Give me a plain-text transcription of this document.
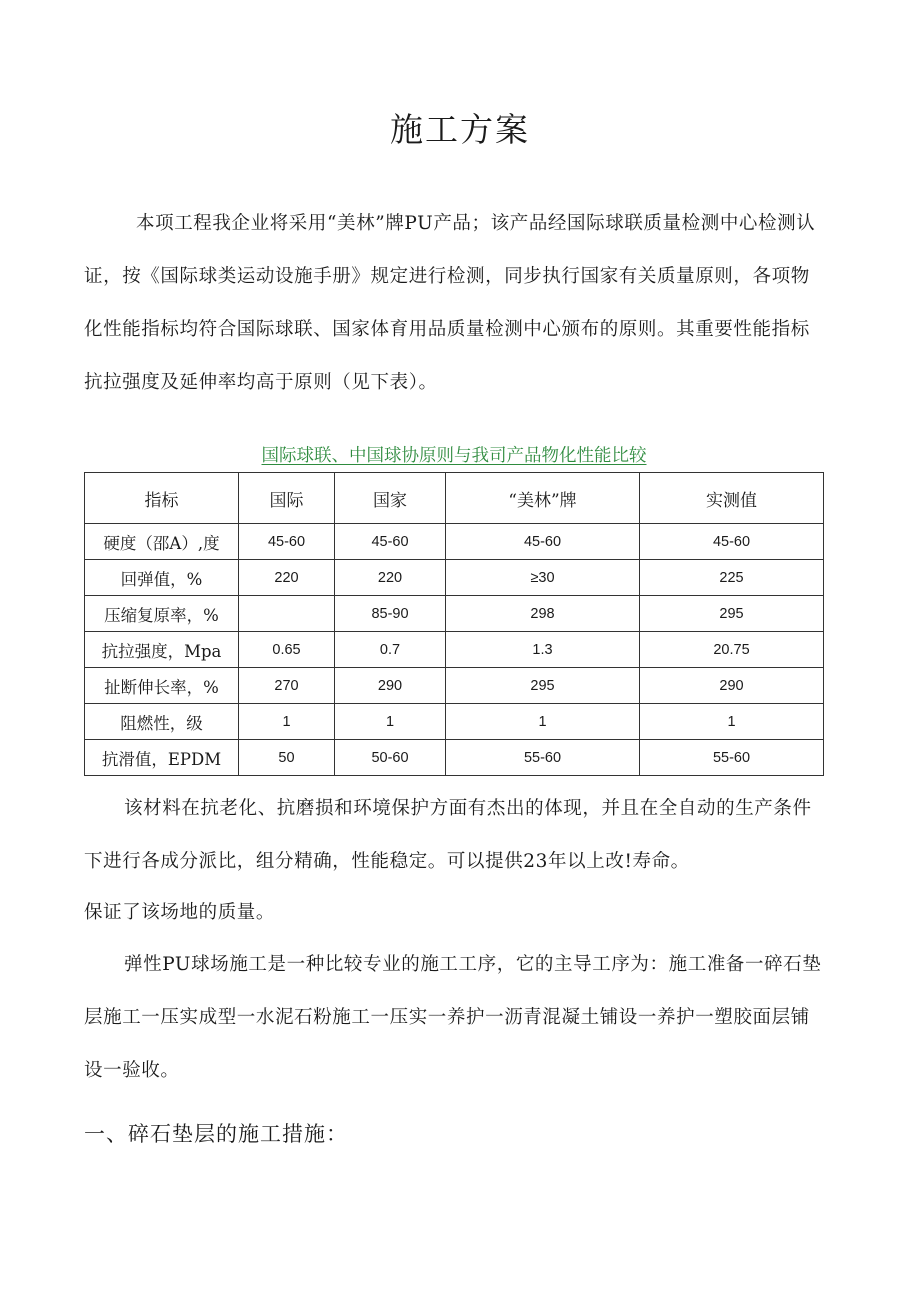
施工方案

本项工程我企业将采用“美林”牌PU产品；该产品经国际球联质量检测中心检测认证，按《国际球类运动设施手册》规定进行检测，同步执行国家有关质量原则，各项物化性能指标均符合国际球联、国家体育用品质量检测中心颁布的原则。其重要性能指标抗拉强度及延伸率均高于原则（见下表）。

国际球联、中国球协原则与我司产品物化性能比较

指标	国际	国家	“美林”牌	实测值
硬度（邵A）,度	45-60	45-60	45-60	45-60
回弹值，%	220	220	≥30	225
压缩复原率，%		85-90	298	295
抗拉强度，Mpa	0.65	0.7	1.3	20.75
扯断伸长率，%	270	290	295	290
阻燃性，级	1	1	1	1
抗滑值，EPDM	50	50-60	55-60	55-60

该材料在抗老化、抗磨损和环境保护方面有杰出的体现，并且在全自动的生产条件下进行各成分派比，组分精确，性能稳定。可以提供23年以上改!寿命。

保证了该场地的质量。

弹性PU球场施工是一种比较专业的施工工序，它的主导工序为：施工准备一碎石垫层施工一压实成型一水泥石粉施工一压实一养护一沥青混凝土铺设一养护一塑胶面层铺设一验收。

一、碎石垫层的施工措施：
